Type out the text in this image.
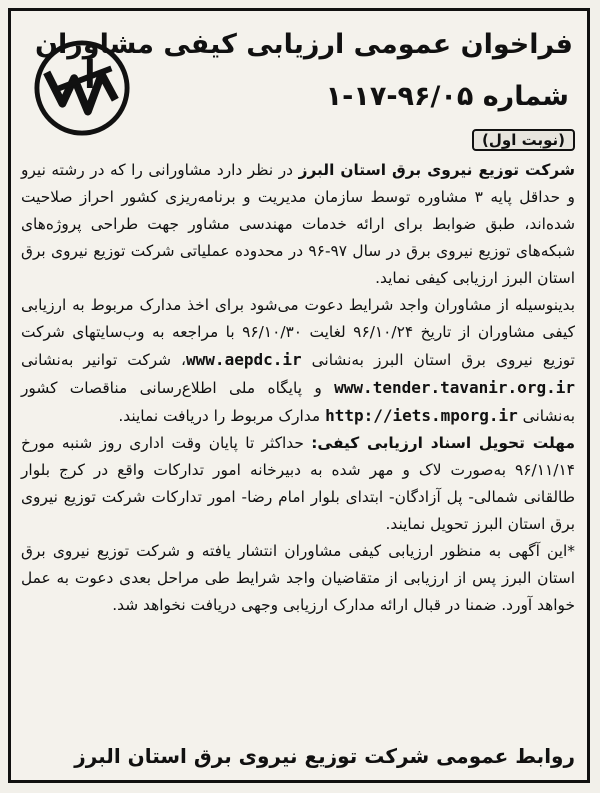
فراخوان عمومی ارزیابی کیفی مشاوران
شماره ۹۶/۰۵-۱۷-۱
(نوبت اول)

شرکت توزیع نیروی برق استان البرز در نظر دارد مشاورانی را که در رشته نیرو و حداقل پایه ۳ مشاوره توسط سازمان مدیریت و برنامه‌ریزی کشور احراز صلاحیت شده‌اند، طبق ضوابط برای ارائه خدمات مهندسی مشاور جهت طراحی پروژه‌های شبکه‌های توزیع نیروی برق در سال ۹۷-۹۶ در محدوده عملیاتی شرکت توزیع نیروی برق استان البرز ارزیابی کیفی نماید.

بدینوسیله از مشاوران واجد شرایط دعوت می‌شود برای اخذ مدارک مربوط به ارزیابی کیفی مشاوران از تاریخ ۹۶/۱۰/۲۴ لغایت ۹۶/۱۰/۳۰ با مراجعه به وب‌سایتهای شرکت توزیع نیروی برق استان البرز به‌نشانی www.aepdc.ir، شرکت توانیر به‌نشانی www.tender.tavanir.org.ir و پایگاه ملی اطلاع‌رسانی مناقصات کشور به‌نشانی http://iets.mporg.ir مدارک مربوط را دریافت نمایند.

مهلت تحویل اسناد ارزیابی کیفی: حداکثر تا پایان وقت اداری روز شنبه مورخ ۹۶/۱۱/۱۴ به‌صورت لاک و مهر شده به دبیرخانه امور تدارکات واقع در کرج بلوار طالقانی شمالی- پل آزادگان- ابتدای بلوار امام رضا- امور تدارکات شرکت توزیع نیروی برق استان البرز تحویل نمایند.

*این آگهی به منظور ارزیابی کیفی مشاوران انتشار یافته و شرکت توزیع نیروی برق استان البرز پس از ارزیابی از متقاضیان واجد شرایط طی مراحل بعدی دعوت به عمل خواهد آورد. ضمنا در قبال ارائه مدارک ارزیابی وجهی دریافت نخواهد شد.

روابط عمومی شرکت توزیع نیروی برق استان البرز
